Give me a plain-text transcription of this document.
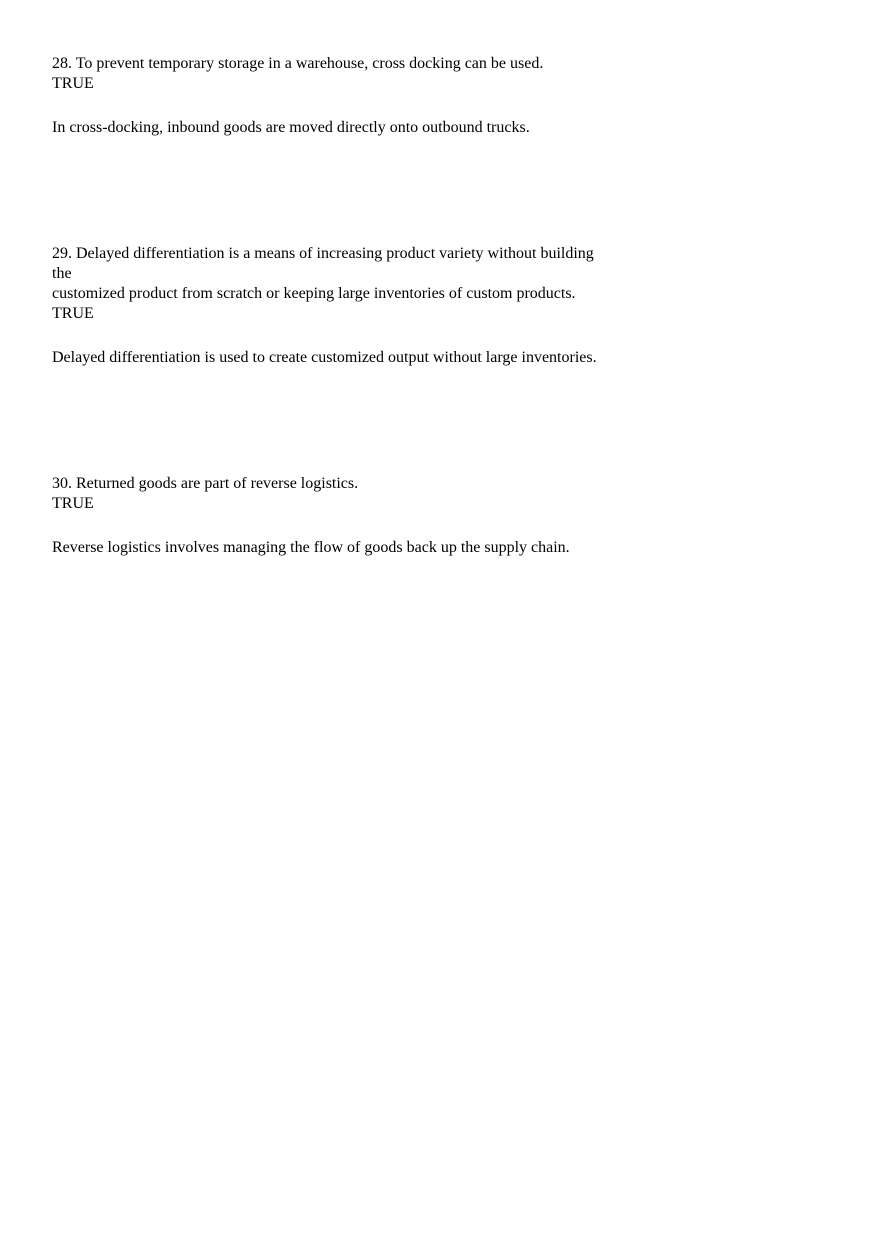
28. To prevent temporary storage in a warehouse, cross docking can be used.

TRUE

In cross-docking, inbound goods are moved directly onto outbound trucks.

29. Delayed differentiation is a means of increasing product variety without building

the

customized product from scratch or keeping large inventories of custom products.

TRUE

Delayed differentiation is used to create customized output without large inventories.

30. Returned goods are part of reverse logistics.

TRUE

Reverse logistics involves managing the flow of goods back up the supply chain.
